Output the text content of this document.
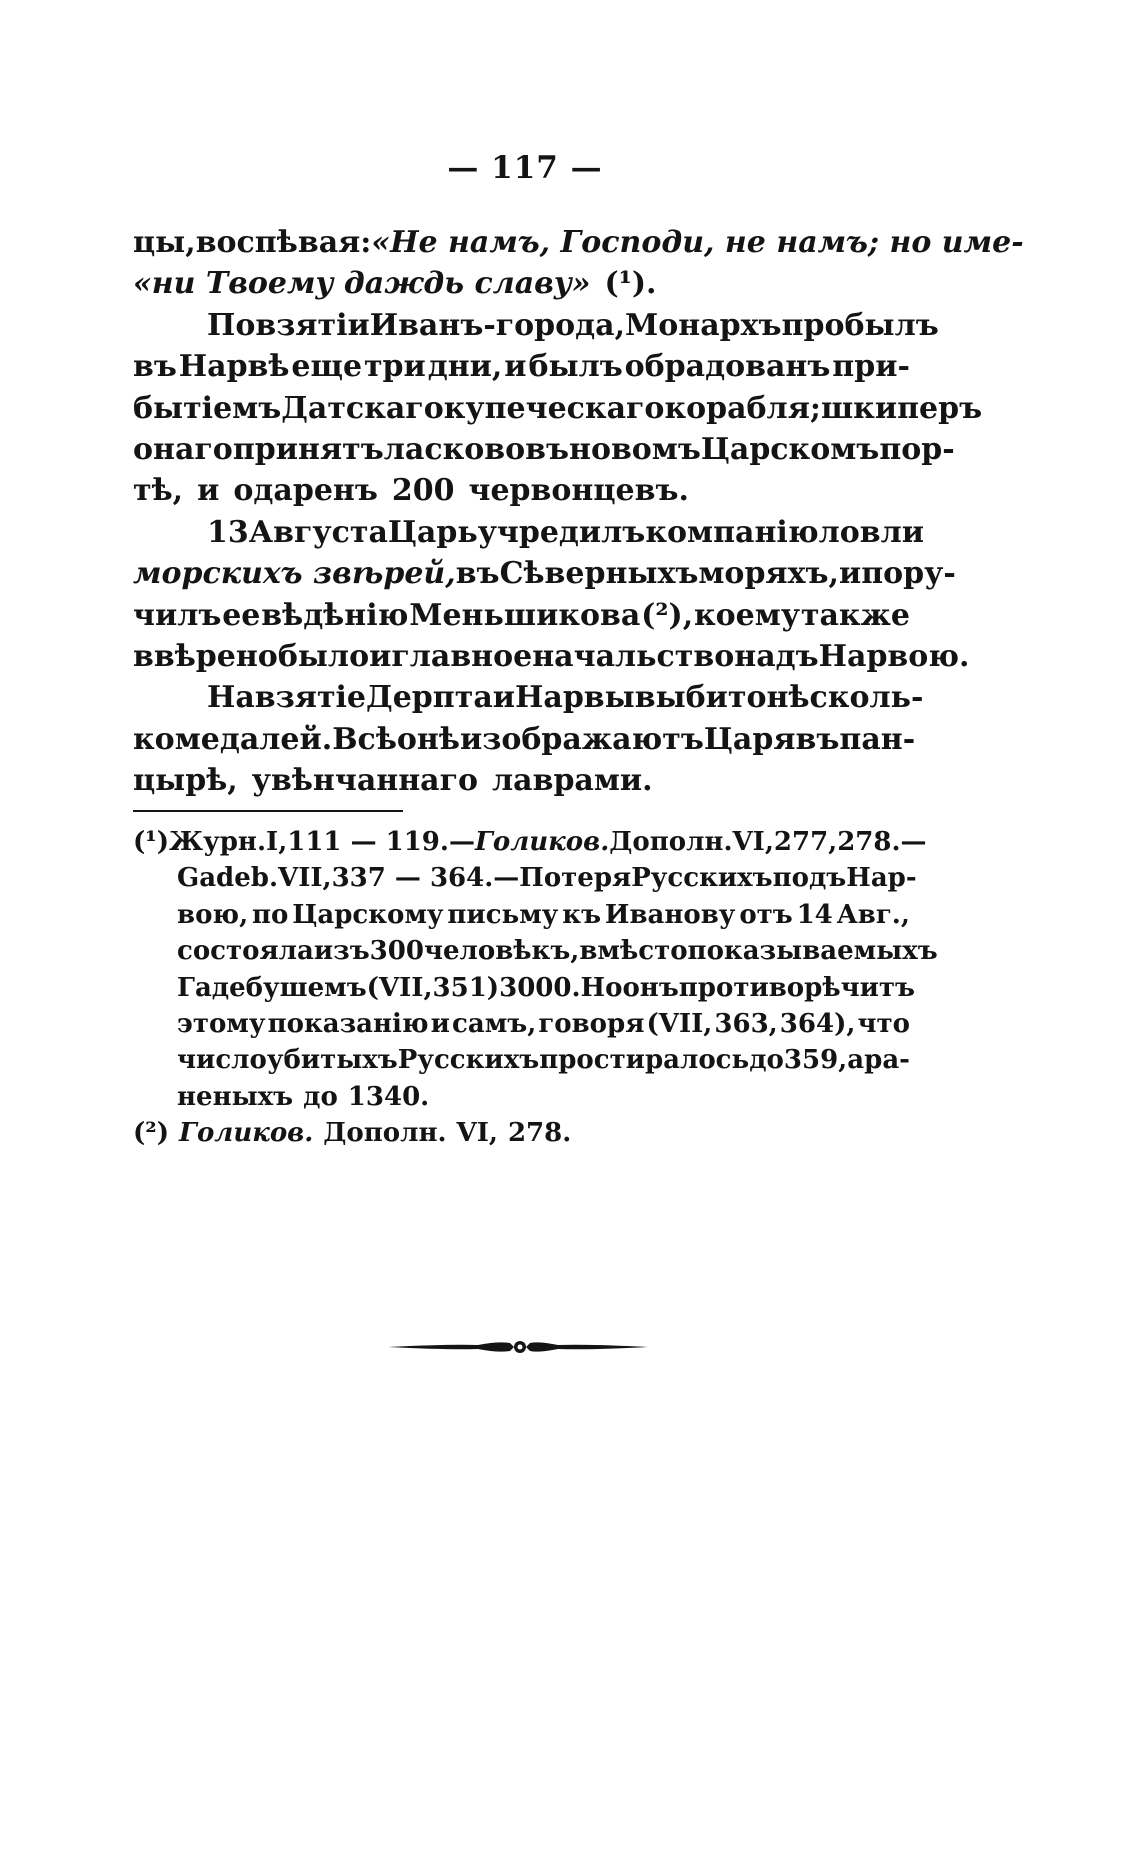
— 117 —
цы, воспѣвая: «Не намъ, Господи, не намъ; но име-
«ни Твоему даждь славу» (¹).
По взятіи Иванъ-города, Монархъ пробылъ
въ Нарвѣ еще три дни, и былъ обрадованъ при-
бытіемъ Датскаго купеческаго корабля; шкиперъ
онаго принятъ ласково въ новомъ Царскомъ пор-
тѣ, и одаренъ 200 червонцевъ.
13 Августа Царь учредилъ компанію ловли
морскихъ звѣрей, въ Сѣверныхъ моряхъ, и пору-
чилъ ее вѣдѣнію Меньшикова (²), коему также
ввѣрено было и главное начальство надъ Нарвою.
На взятіе Дерпта и Нарвы выбито нѣсколь-
ко медалей. Всѣ онѣ изображаютъ Царя въ пан-
цырѣ, увѣнчаннаго лаврами.
(¹) Журн. I, 111 — 119.— Голиков. Дополн. VI, 277, 278.—
Gadeb. VII, 337 — 364. — Потеря Русскихъ подъ Нар-
вою, по Царскому письму къ Иванову отъ 14 Авг.,
состояла изъ 300 человѣкъ, вмѣсто показываемыхъ
Гадебушемъ (VII, 351) 3000. Но онъ противорѣчитъ
этому показанію и самъ, говоря (VII, 363, 364), что
число убитыхъ Русскихъ простиралось до 359, а ра-
неныхъ до 1340.
(²) Голиков. Дополн. VI, 278.
